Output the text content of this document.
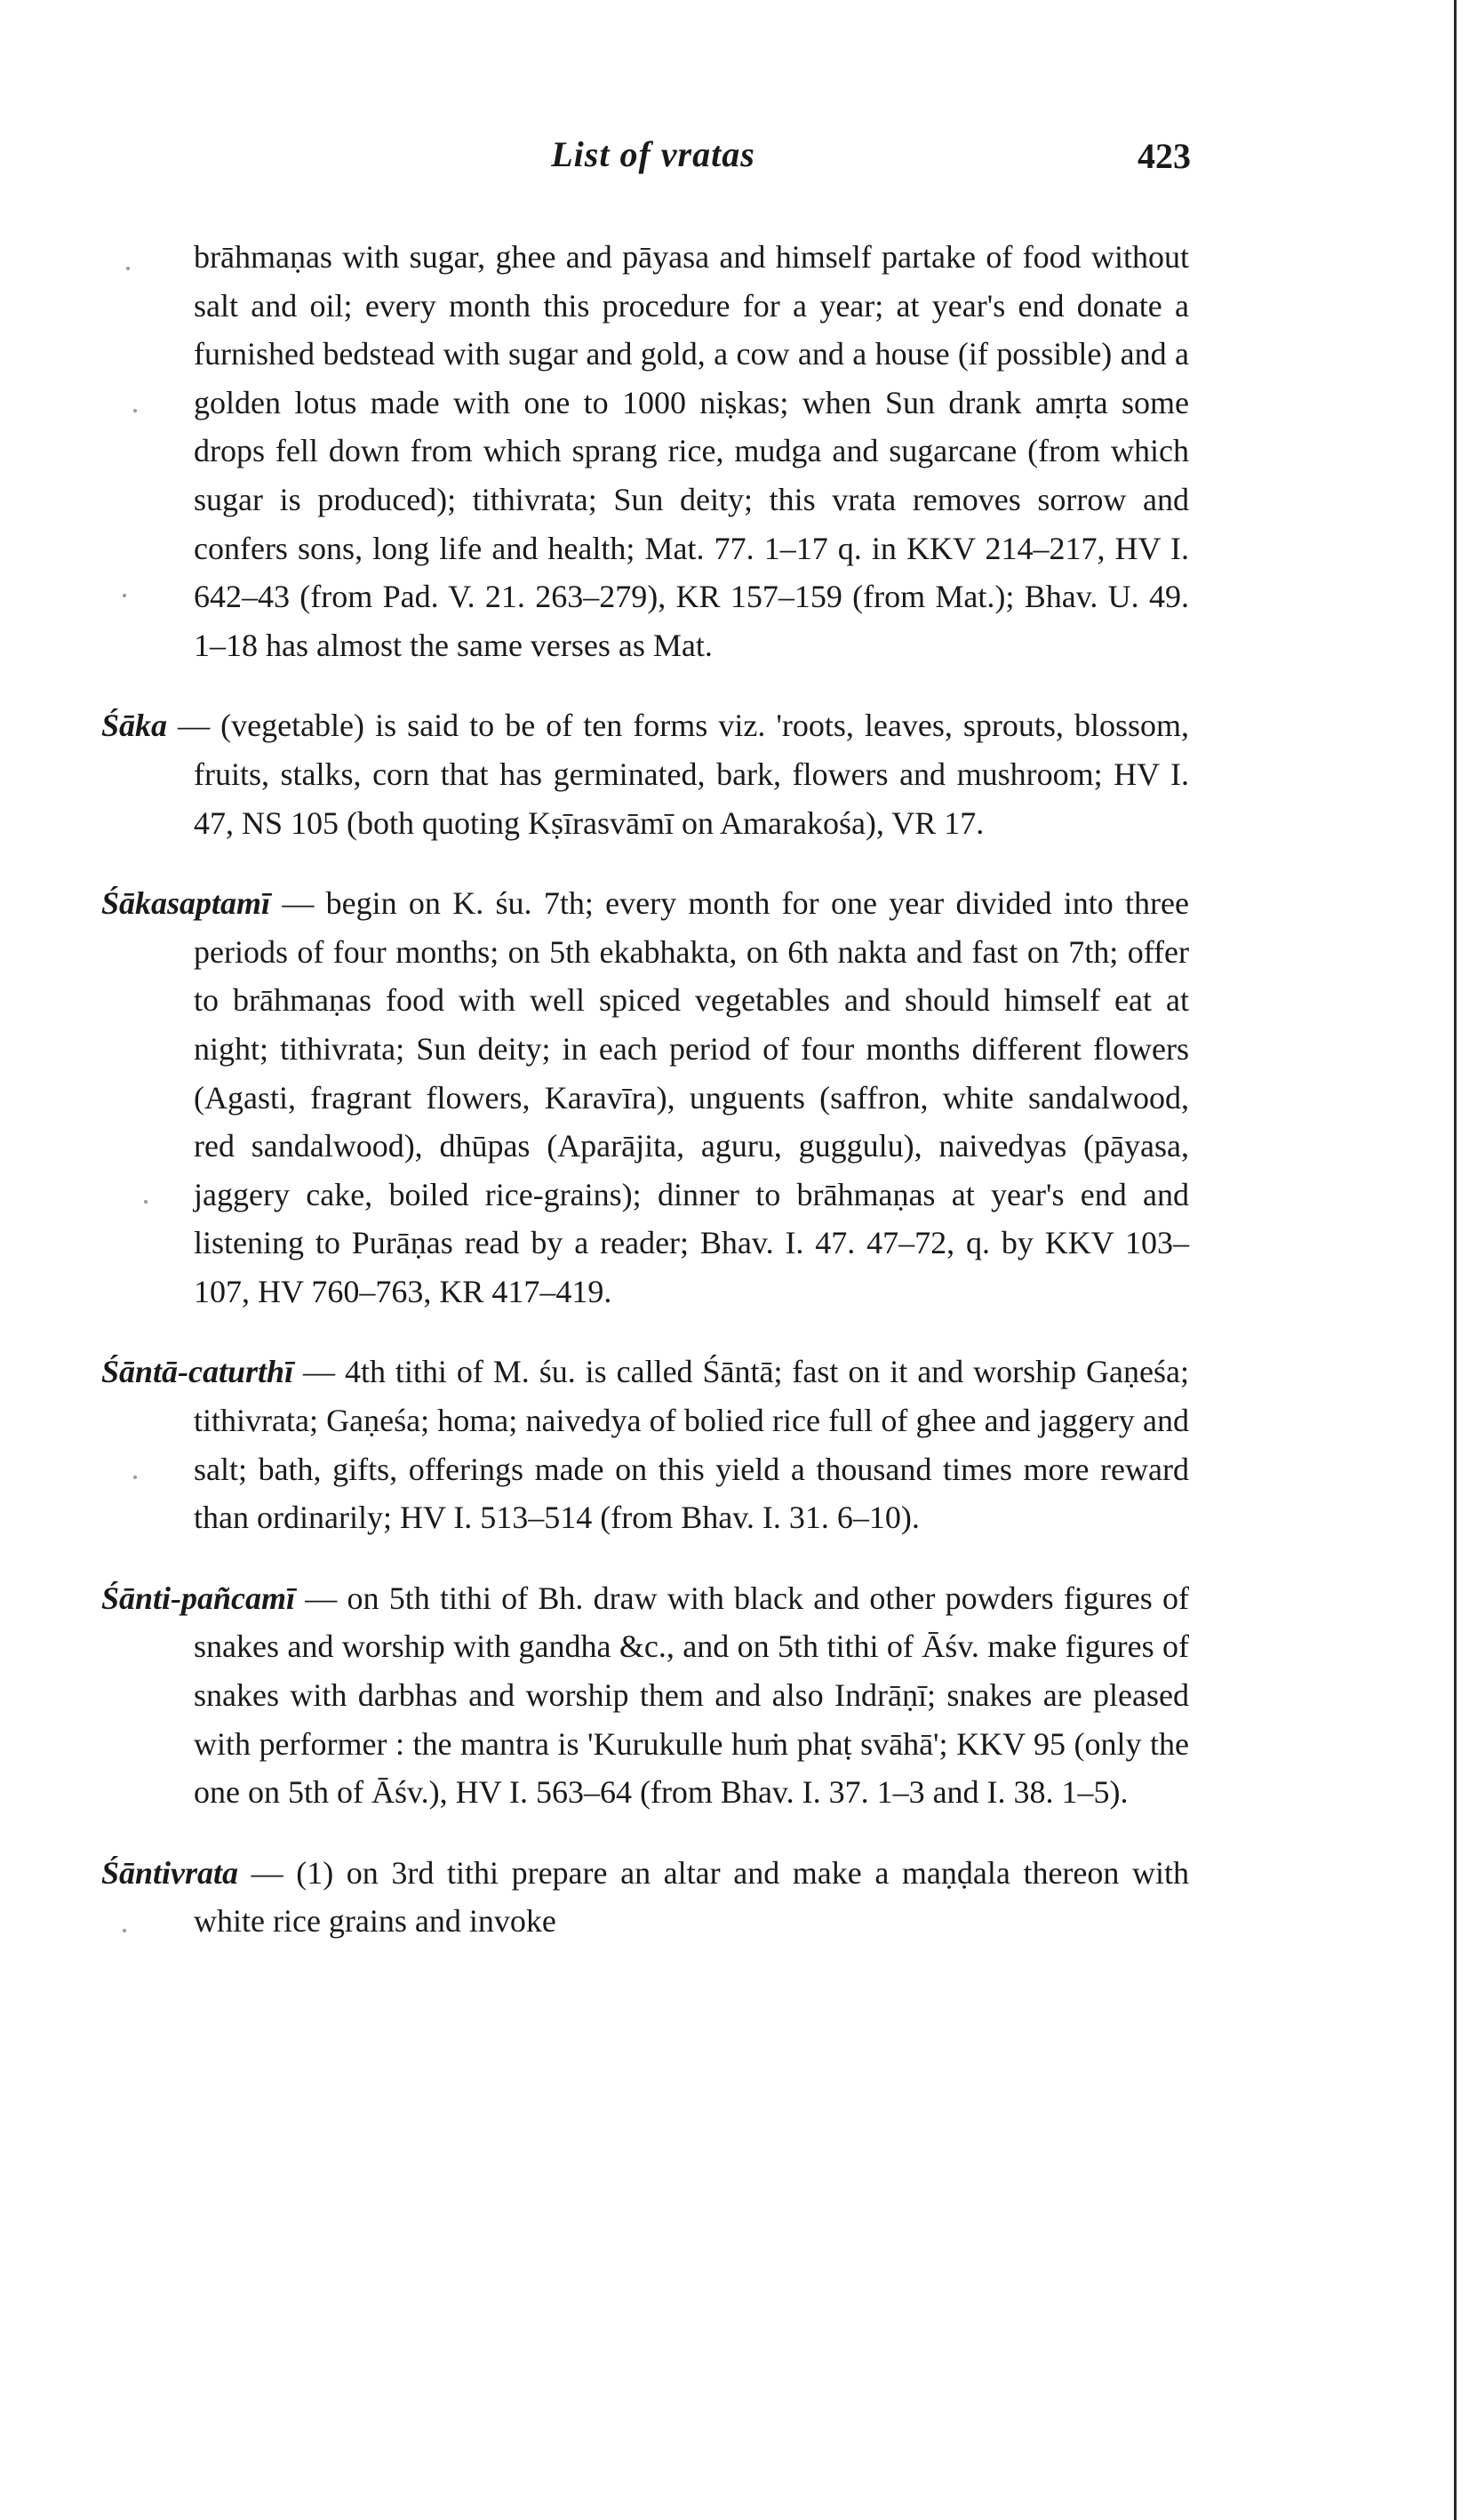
List of vratas	423

brāhmaṇas with sugar, ghee and pāyasa and himself partake of food without salt and oil; every month this procedure for a year; at year's end donate a furnished bedstead with sugar and gold, a cow and a house (if possible) and a golden lotus made with one to 1000 niṣkas; when Sun drank amṛta some drops fell down from which sprang rice, mudga and sugarcane (from which sugar is produced); tithivrata; Sun deity; this vrata removes sorrow and confers sons, long life and health; Mat. 77. 1–17 q. in KKV 214–217, HV I. 642–43 (from Pad. V. 21. 263–279), KR 157–159 (from Mat.); Bhav. U. 49. 1–18 has almost the same verses as Mat.

Śāka — (vegetable) is said to be of ten forms viz. 'roots, leaves, sprouts, blossom, fruits, stalks, corn that has germinated, bark, flowers and mushroom; HV I. 47, NS 105 (both quoting Kṣīrasvāmī on Amarakośa), VR 17.

Śākasaptamī — begin on K. śu. 7th; every month for one year divided into three periods of four months; on 5th ekabhakta, on 6th nakta and fast on 7th; offer to brāhmaṇas food with well spiced vegetables and should himself eat at night; tithivrata; Sun deity; in each period of four months different flowers (Agasti, fragrant flowers, Karavīra), unguents (saffron, white sandalwood, red sandalwood), dhūpas (Aparājita, aguru, guggulu), naivedyas (pāyasa, jaggery cake, boiled rice-grains); dinner to brāhmaṇas at year's end and listening to Purāṇas read by a reader; Bhav. I. 47. 47–72, q. by KKV 103–107, HV 760–763, KR 417–419.

Śāntā-caturthī — 4th tithi of M. śu. is called Śāntā; fast on it and worship Gaṇeśa; tithivrata; Gaṇeśa; homa; naivedya of bolied rice full of ghee and jaggery and salt; bath, gifts, offerings made on this yield a thousand times more reward than ordinarily; HV I. 513–514 (from Bhav. I. 31. 6–10).

Śānti-pañcamī — on 5th tithi of Bh. draw with black and other powders figures of snakes and worship with gandha &c., and on 5th tithi of Āśv. make figures of snakes with darbhas and worship them and also Indrāṇī; snakes are pleased with performer : the mantra is 'Kurukulle huṁ phaṭ svāhā'; KKV 95 (only the one on 5th of Āśv.), HV I. 563–64 (from Bhav. I. 37. 1–3 and I. 38. 1–5).

Śāntivrata — (1) on 3rd tithi prepare an altar and make a maṇḍala thereon with white rice grains and invoke
